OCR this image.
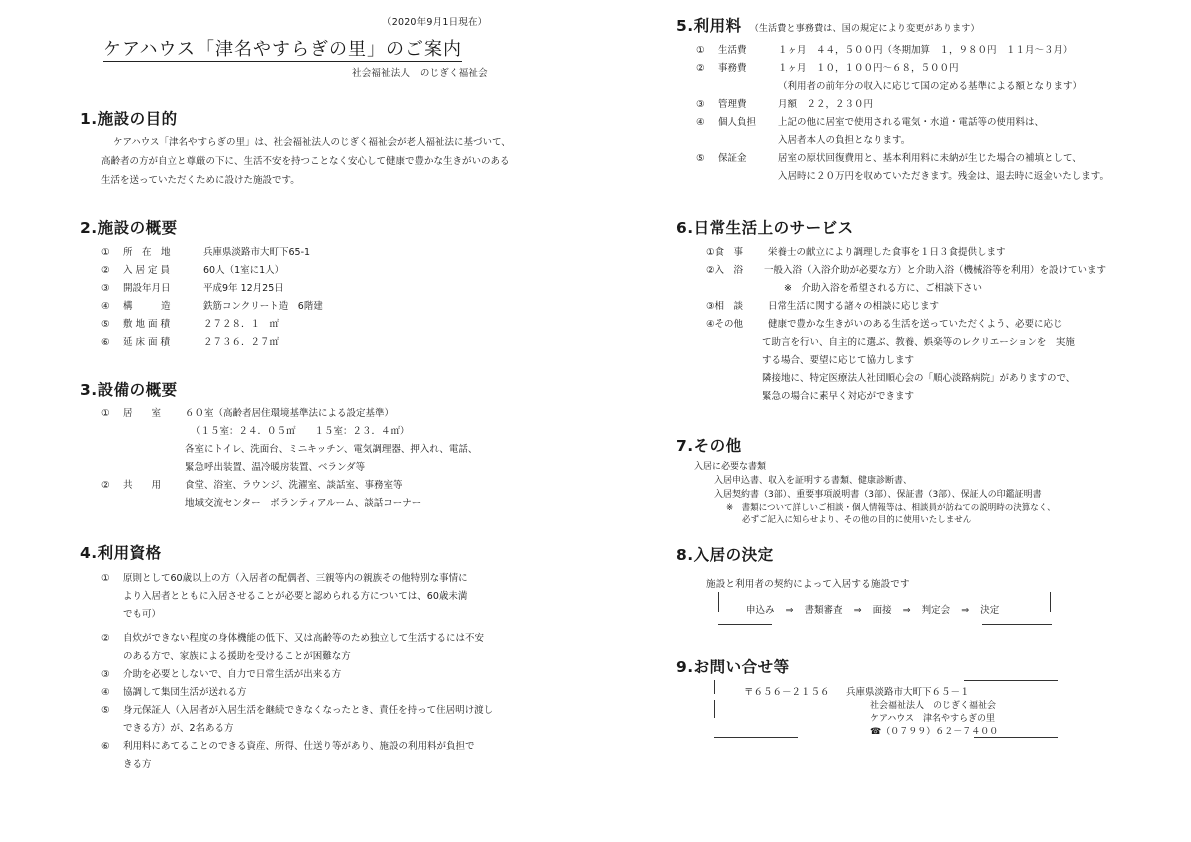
（2020年9月1日現在）
ケアハウス「津名やすらぎの里」のご案内
社会福祉法人　のじぎく福祉会
1.施設の目的
ケアハウス「津名やすらぎの里」は、社会福祉法人のじぎく福祉会が老人福祉法に基づいて、高齢者の方が自立と尊厳の下に、生活不安を持つことなく安心して健康で豊かな生きがいのある生活を送っていただくために設けた施設です。
2.施設の概要
①	所　在　地	兵庫県淡路市大町下65-1
②	入 居 定 員	60人（1室に1人）
③	開設年月日	平成9年 12月25日
④	構　　　造	鉄筋コンクリート造　6階建
⑤	敷 地 面 積	２７２８．１　㎡
⑥	延 床 面 積	２７３６．２７㎡
3.設備の概要
①	居　　室	６０室（高齢者居住環境基準法による設定基準）
（１５室：２４．０５㎡　　１５室：２３．４㎡）
各室にトイレ、洗面台、ミニキッチン、電気調理器、押入れ、電話、
緊急呼出装置、温冷暖房装置、ベランダ等
②	共　　用	食堂、浴室、ラウンジ、洗濯室、談話室、事務室等
地域交流センター　ボランティアルーム、談話コーナー
4.利用資格
①	原則として60歳以上の方（入居者の配偶者、三親等内の親族その他特別な事情に
より入居者とともに入居させることが必要と認められる方については、60歳未満
でも可）
②	自炊ができない程度の身体機能の低下、又は高齢等のため独立して生活するには不安
のある方で、家族による援助を受けることが困難な方
③	介助を必要としないで、自力で日常生活が出来る方
④	協調して集団生活が送れる方
⑤	身元保証人（入居者が入居生活を継続できなくなったとき、責任を持って住居明け渡し
できる方）が、2名ある方
⑥	利用料にあてることのできる資産、所得、仕送り等があり、施設の利用料が負担で
きる方
5.利用料 （生活費と事務費は、国の規定により変更があります）
①	生活費	１ヶ月　４４，５００円（冬期加算　１，９８０円　１１月～３月）
②	事務費	１ヶ月　１０，１００円～６８，５００円
（利用者の前年分の収入に応じて国の定める基準による額となります）
③	管理費	月額　２２，２３０円
④	個人負担	上記の他に居室で使用される電気・水道・電話等の使用料は、
入居者本人の負担となります。
⑤	保証金	居室の原状回復費用と、基本利用料に未納が生じた場合の補填として、
入居時に２０万円を収めていただきます。残金は、退去時に返金いたします。
6.日常生活上のサービス
①食　事	栄養士の献立により調理した食事を１日３食提供します
②入　浴	一般入浴（入浴介助が必要な方）と介助入浴（機械浴等を利用）を設けています
※　介助入浴を希望される方に、ご相談下さい
③相　談	日常生活に関する諸々の相談に応じます
④その他	健康で豊かな生きがいのある生活を送っていただくよう、必要に応じ
て助言を行い、自主的に選ぶ、教養、娯楽等のレクリエーションを　実施
する場合、要望に応じて協力します
隣接地に、特定医療法人社団順心会の「順心淡路病院」がありますので、
緊急の場合に素早く対応ができます
7.その他
入居に必要な書類
入居申込書、収入を証明する書類、健康診断書、
入居契約書（3部）、重要事項説明書（3部）、保証書（3部）、保証人の印鑑証明書
※　書類について詳しいご相談・個人情報等は、相談員が訪ねての説明時の決算なく、
必ずご記入に知らせより、その他の目的に使用いたしません
8.入居の決定
施設と利用者の契約によって入居する施設です
申込み ⇒ 書類審査 ⇒ 面接 ⇒ 判定会 ⇒ 決定
9.お問い合せ等
〒６５６－２１５６	兵庫県淡路市大町下６５－１
社会福祉法人　のじぎく福祉会
ケアハウス　津名やすらぎの里
☎（０７９９）６２－７４００
